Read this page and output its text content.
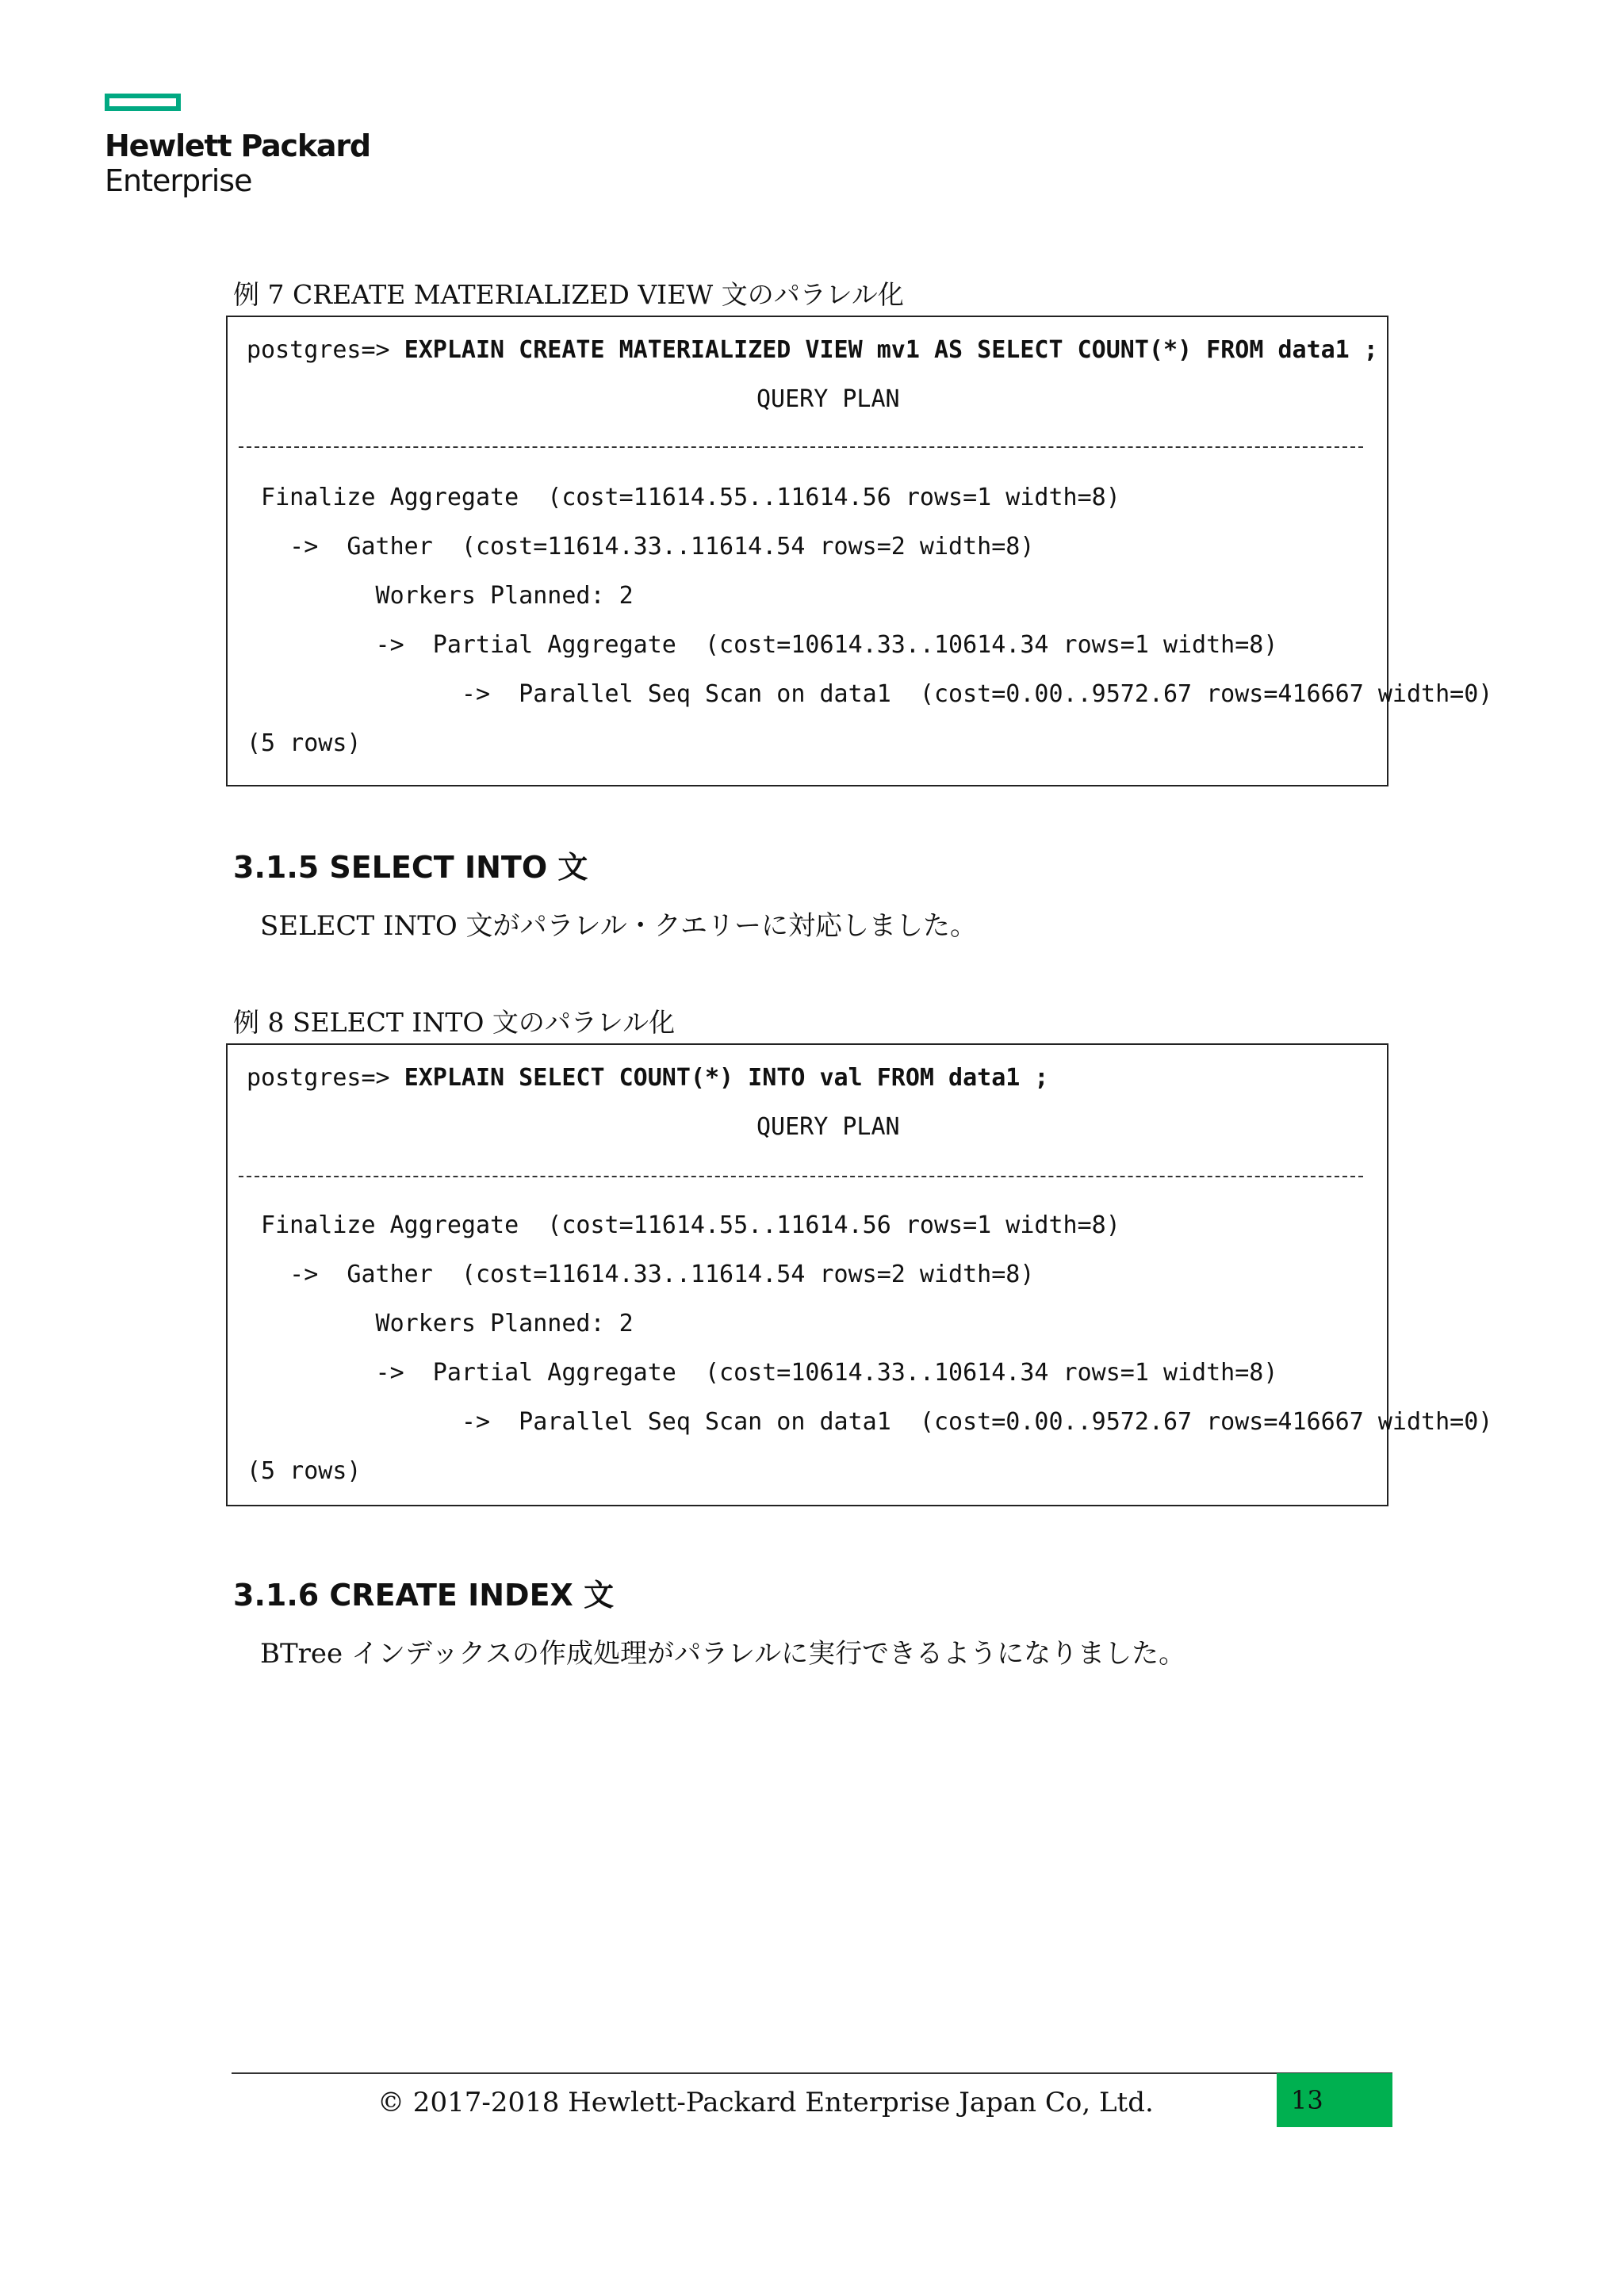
Hewlett Packard
Enterprise
例 7 CREATE MATERIALIZED VIEW 文のパラレル化
postgres=> EXPLAIN CREATE MATERIALIZED VIEW mv1 AS SELECT COUNT(*) FROM data1 ;
QUERY PLAN
Finalize Aggregate  (cost=11614.55..11614.56 rows=1 width=8)
->  Gather  (cost=11614.33..11614.54 rows=2 width=8)
Workers Planned: 2
->  Partial Aggregate  (cost=10614.33..10614.34 rows=1 width=8)
->  Parallel Seq Scan on data1  (cost=0.00..9572.67 rows=416667 width=0)
(5 rows)
3.1.5 SELECT INTO 文
SELECT INTO 文がパラレル・クエリーに対応しました。
例 8 SELECT INTO 文のパラレル化
postgres=> EXPLAIN SELECT COUNT(*) INTO val FROM data1 ;
QUERY PLAN
Finalize Aggregate  (cost=11614.55..11614.56 rows=1 width=8)
->  Gather  (cost=11614.33..11614.54 rows=2 width=8)
Workers Planned: 2
->  Partial Aggregate  (cost=10614.33..10614.34 rows=1 width=8)
->  Parallel Seq Scan on data1  (cost=0.00..9572.67 rows=416667 width=0)
(5 rows)
3.1.6 CREATE INDEX 文
BTree インデックスの作成処理がパラレルに実行できるようになりました。
© 2017-2018 Hewlett-Packard Enterprise Japan Co, Ltd.	13
